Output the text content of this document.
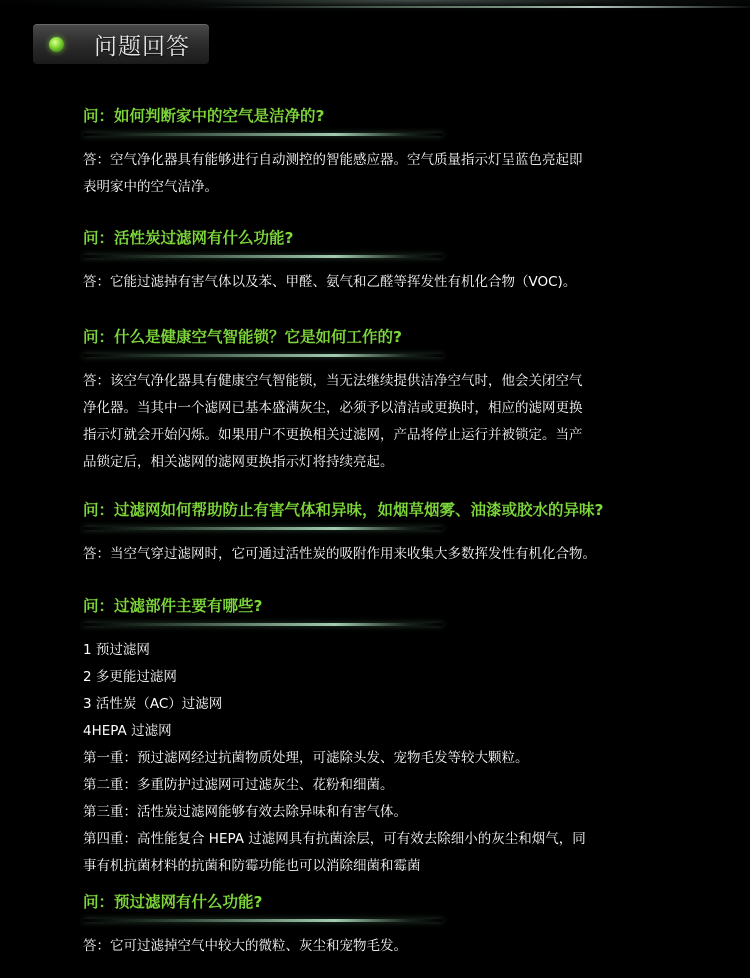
问题回答
问：如何判断家中的空气是洁净的?
答：空气净化器具有能够进行自动测控的智能感应器。空气质量指示灯呈蓝色亮起即
表明家中的空气洁净。
问：活性炭过滤网有什么功能?
答：它能过滤掉有害气体以及苯、甲醛、氨气和乙醛等挥发性有机化合物（VOC)。
问：什么是健康空气智能锁？它是如何工作的?
答：该空气净化器具有健康空气智能锁，当无法继续提供洁净空气时，他会关闭空气
净化器。当其中一个滤网已基本盛满灰尘，必须予以清洁或更换时，相应的滤网更换
指示灯就会开始闪烁。如果用户不更换相关过滤网，产品将停止运行并被锁定。当产
品锁定后，相关滤网的滤网更换指示灯将持续亮起。
问：过滤网如何帮助防止有害气体和异味，如烟草烟雾、油漆或胶水的异味?
答：当空气穿过滤网时，它可通过活性炭的吸附作用来收集大多数挥发性有机化合物。
问：过滤部件主要有哪些?
1 预过滤网
2 多更能过滤网
3 活性炭（AC）过滤网
4HEPA 过滤网
第一重：预过滤网经过抗菌物质处理，可滤除头发、宠物毛发等较大颗粒。
第二重：多重防护过滤网可过滤灰尘、花粉和细菌。
第三重：活性炭过滤网能够有效去除异味和有害气体。
第四重：高性能复合 HEPA 过滤网具有抗菌涂层，可有效去除细小的灰尘和烟气，同
事有机抗菌材料的抗菌和防霉功能也可以消除细菌和霉菌
问：预过滤网有什么功能?
答：它可过滤掉空气中较大的微粒、灰尘和宠物毛发。
